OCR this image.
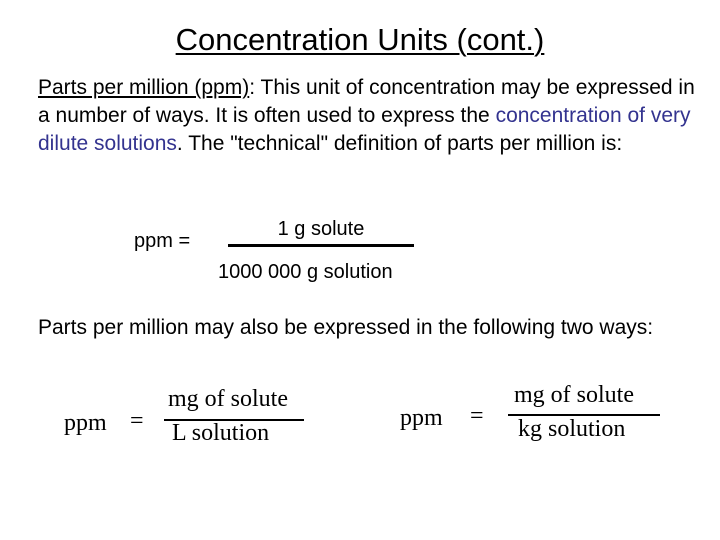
Concentration Units (cont.)
Parts per million (ppm): This unit of concentration may be expressed in a number of ways. It is often used to express the concentration of very dilute solutions. The "technical" definition of parts per million is:
ppm =
1 g solute
1000 000 g solution
Parts per million may also be expressed in the following two ways:
ppm =
mg of solute
L solution
ppm =
mg of solute
kg solution
